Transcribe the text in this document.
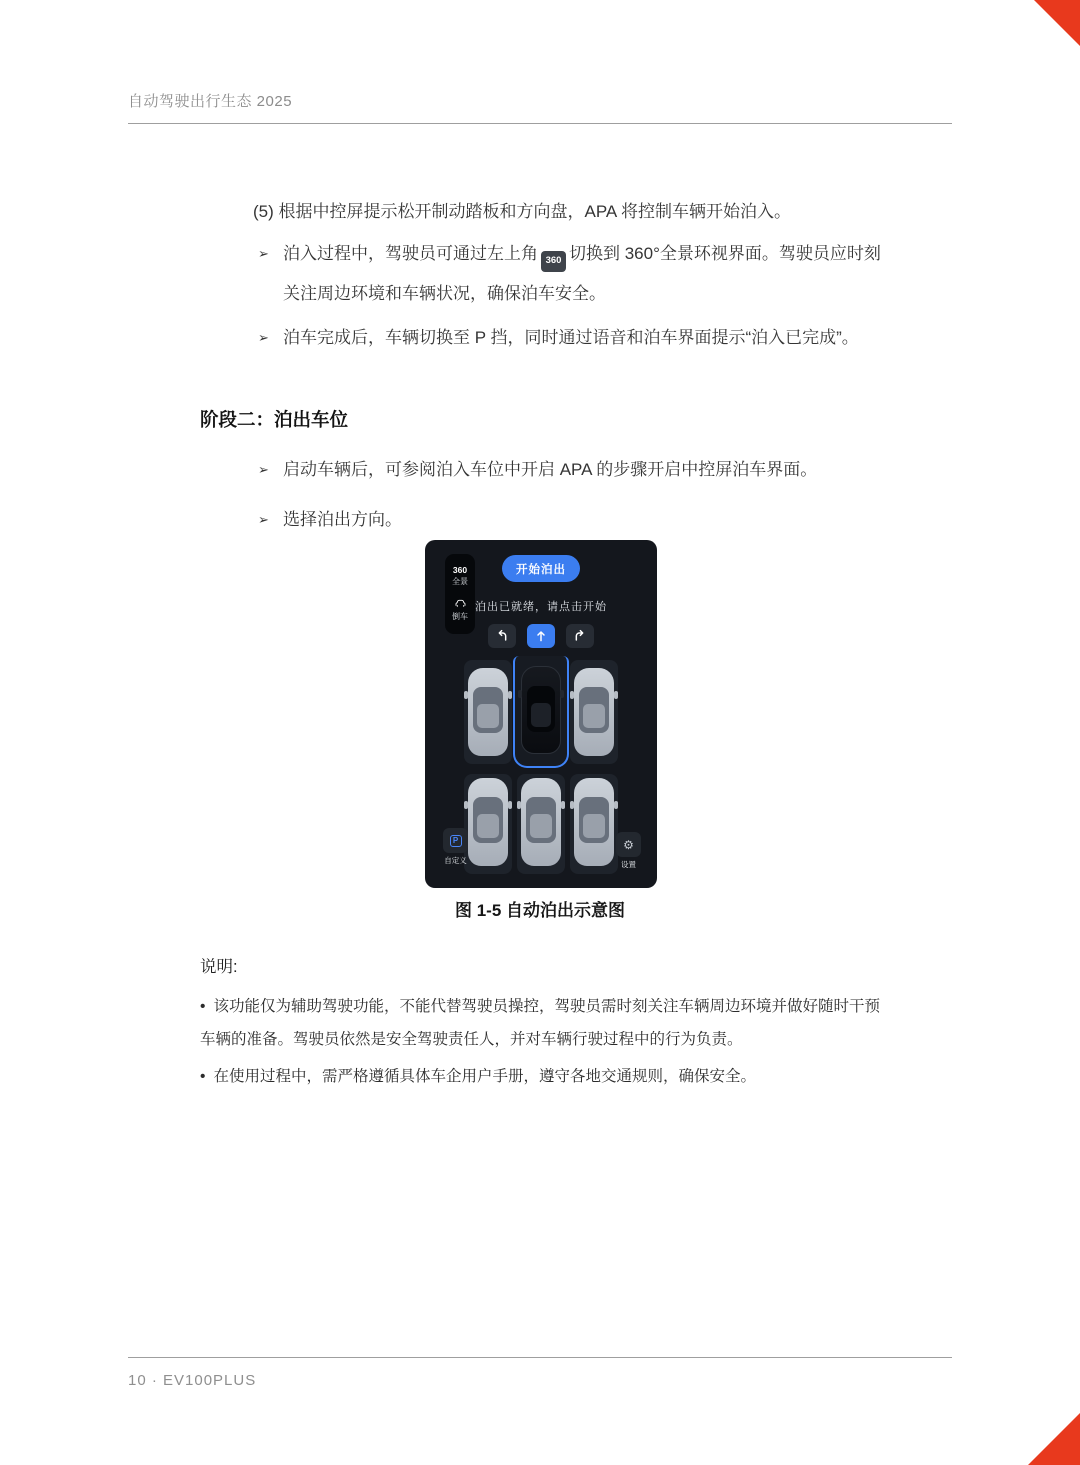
自动驾驶出行生态 2025
(5) 根据中控屏提示松开制动踏板和方向盘，APA 将控制车辆开始泊入。
➢ 泊入过程中，驾驶员可通过左上角 360 切换到 360°全景环视界面。驾驶员应时刻关注周边环境和车辆状况，确保泊车安全。
➢ 泊车完成后，车辆切换至 P 挡，同时通过语音和泊车界面提示“泊入已完成”。
阶段二：泊出车位
➢ 启动车辆后，可参阅泊入车位中开启 APA 的步骤开启中控屏泊车界面。
➢ 选择泊出方向。
360
全景
倒车
开始泊出
泊出已就绪，请点击开始
P
自定义
⚙
设置
图 1-5 自动泊出示意图
说明:
• 该功能仅为辅助驾驶功能，不能代替驾驶员操控，驾驶员需时刻关注车辆周边环境并做好随时干预车辆的准备。驾驶员依然是安全驾驶责任人，并对车辆行驶过程中的行为负责。
• 在使用过程中，需严格遵循具体车企用户手册，遵守各地交通规则，确保安全。
10 · EV100PLUS
